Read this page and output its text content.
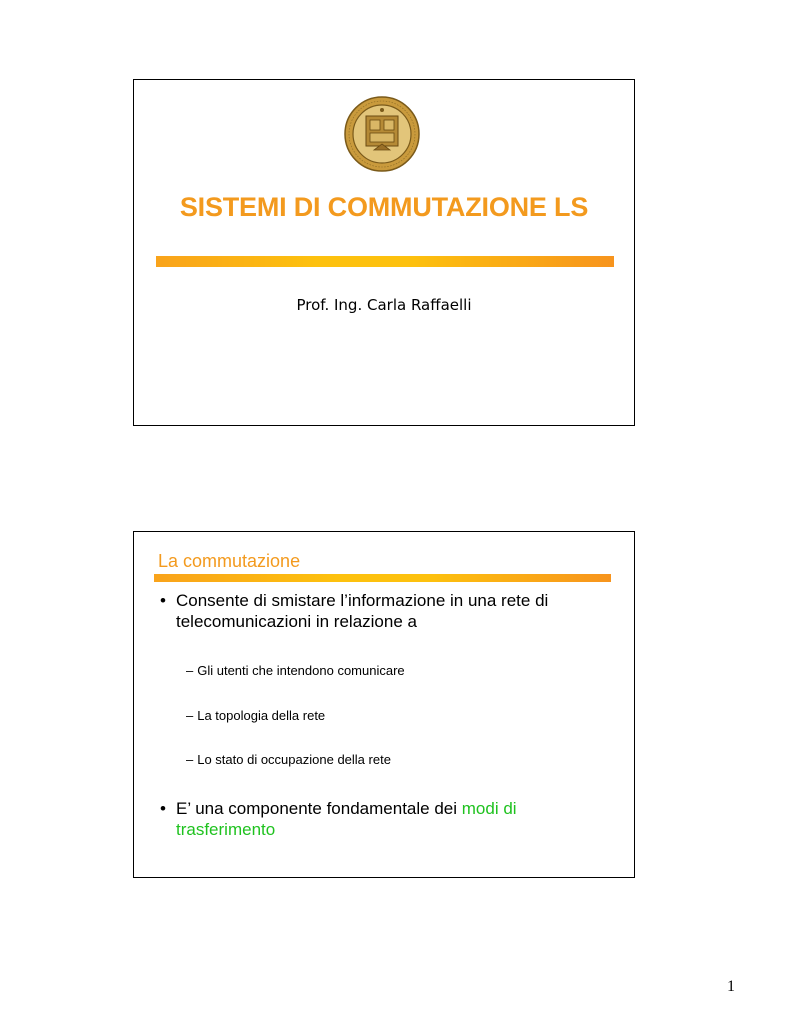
SISTEMI DI COMMUTAZIONE LS
Prof. Ing. Carla Raffaelli
La commutazione
• Consente di smistare l’informazione in una rete di telecomunicazioni in relazione a
– Gli utenti che intendono comunicare
– La topologia della rete
– Lo stato di occupazione della rete
• E’ una componente fondamentale dei modi di trasferimento
1
